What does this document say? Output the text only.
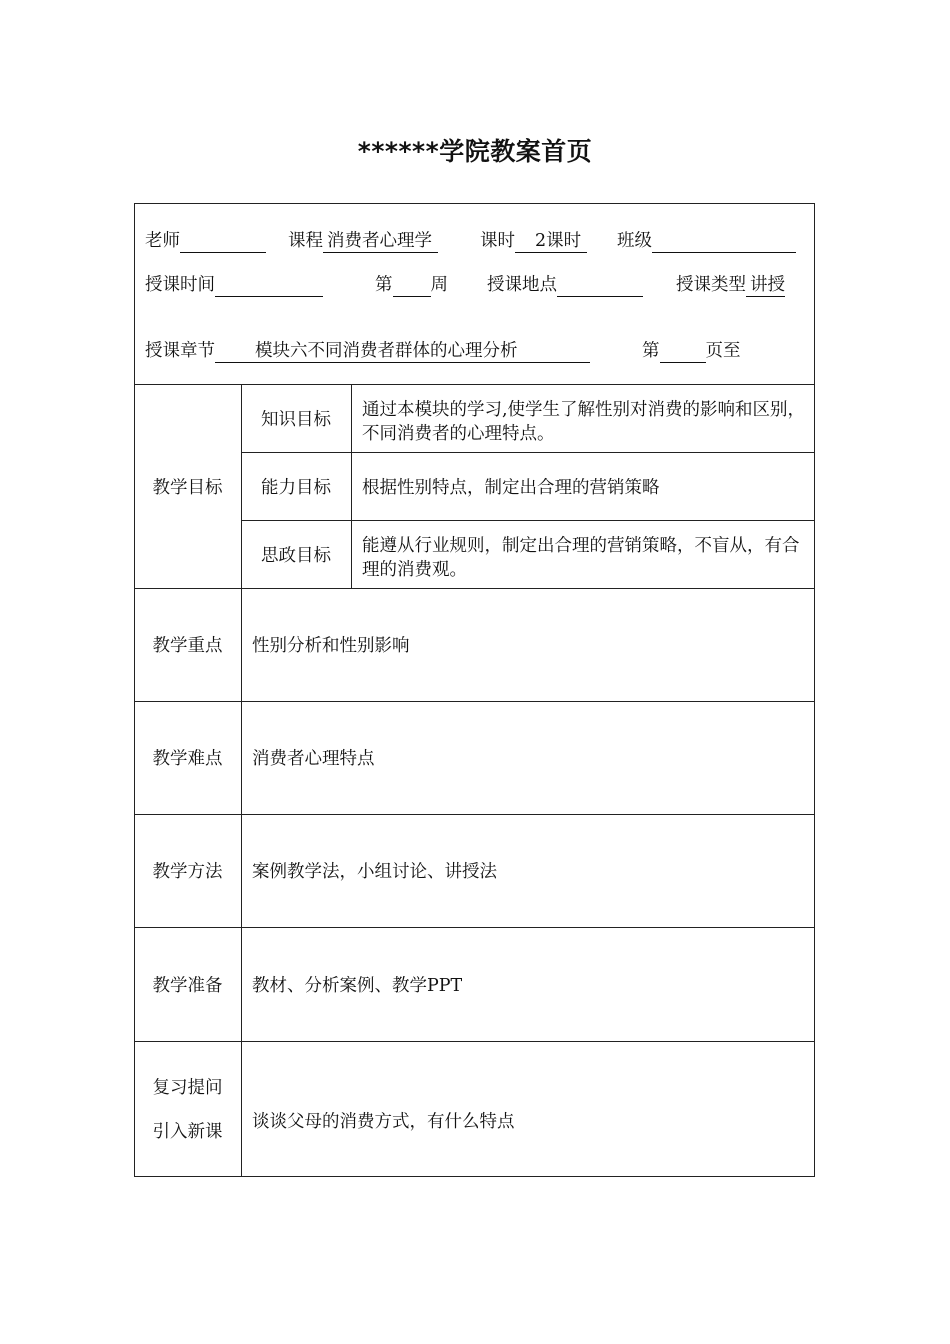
******学院教案首页
老师	课程 消费者心理学	课时 2课时	班级
授课时间	第 周 授课地点	授课类型 讲授
授课章节 模块六不同消费者群体的心理分析	第	页至
教学目标
知识目标	通过本模块的学习,使学生了解性别对消费的影响和区别，不同消费者的心理特点。
能力目标	根据性别特点，制定出合理的营销策略
思政目标	能遵从行业规则，制定出合理的营销策略，不盲从，有合理的消费观。
教学重点	性别分析和性别影响
教学难点	消费者心理特点
教学方法	案例教学法，小组讨论、讲授法
教学准备	教材、分析案例、教学PPT
复习提问
引入新课	谈谈父母的消费方式，有什么特点
